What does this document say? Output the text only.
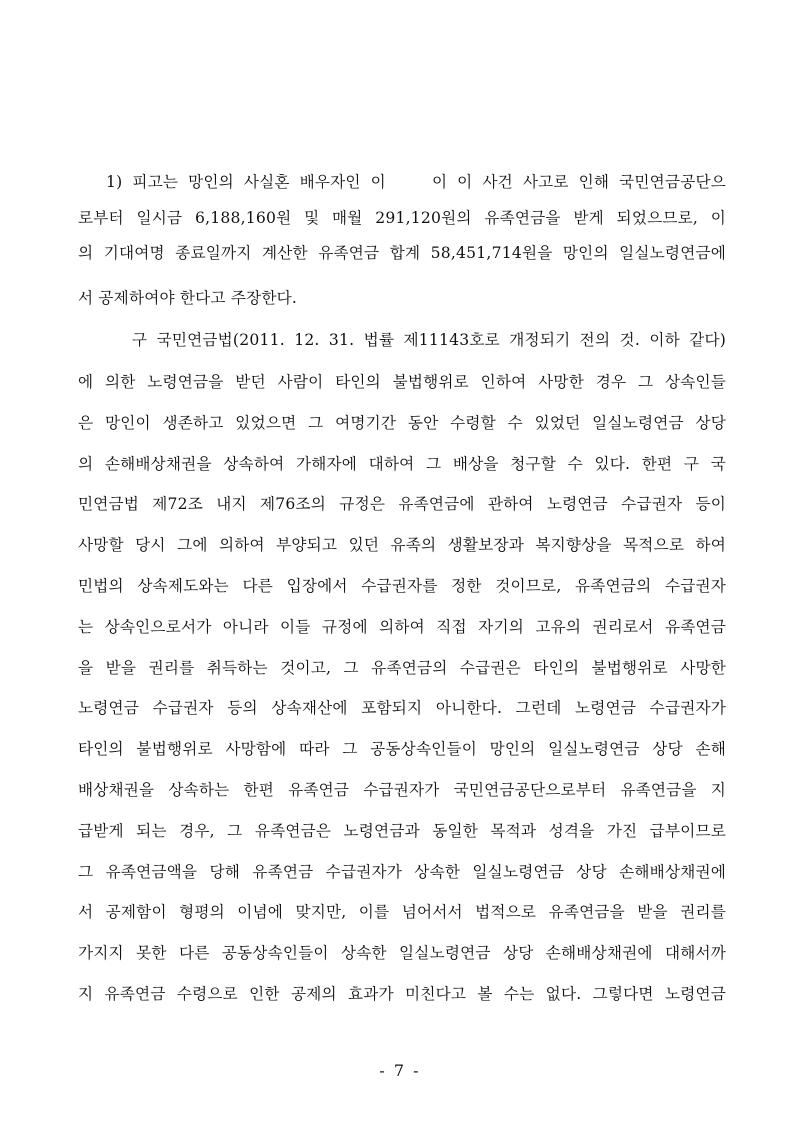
1) 피고는 망인의 사실혼 배우자인 이　　이 이 사건 사고로 인해 국민연금공단으
로부터 일시금 6,188,160원 및 매월 291,120원의 유족연금을 받게 되었으므로, 이
의 기대여명 종료일까지 계산한 유족연금 합계 58,451,714원을 망인의 일실노령연금에
서 공제하여야 한다고 주장한다.
구 국민연금법(2011. 12. 31. 법률 제11143호로 개정되기 전의 것. 이하 같다)
에 의한 노령연금을 받던 사람이 타인의 불법행위로 인하여 사망한 경우 그 상속인들
은 망인이 생존하고 있었으면 그 여명기간 동안 수령할 수 있었던 일실노령연금 상당
의 손해배상채권을 상속하여 가해자에 대하여 그 배상을 청구할 수 있다. 한편 구 국
민연금법 제72조 내지 제76조의 규정은 유족연금에 관하여 노령연금 수급권자 등이
사망할 당시 그에 의하여 부양되고 있던 유족의 생활보장과 복지향상을 목적으로 하여
민법의 상속제도와는 다른 입장에서 수급권자를 정한 것이므로, 유족연금의 수급권자
는 상속인으로서가 아니라 이들 규정에 의하여 직접 자기의 고유의 권리로서 유족연금
을 받을 권리를 취득하는 것이고, 그 유족연금의 수급권은 타인의 불법행위로 사망한
노령연금 수급권자 등의 상속재산에 포함되지 아니한다. 그런데 노령연금 수급권자가
타인의 불법행위로 사망함에 따라 그 공동상속인들이 망인의 일실노령연금 상당 손해
배상채권을 상속하는 한편 유족연금 수급권자가 국민연금공단으로부터 유족연금을 지
급받게 되는 경우, 그 유족연금은 노령연금과 동일한 목적과 성격을 가진 급부이므로
그 유족연금액을 당해 유족연금 수급권자가 상속한 일실노령연금 상당 손해배상채권에
서 공제함이 형평의 이념에 맞지만, 이를 넘어서서 법적으로 유족연금을 받을 권리를
가지지 못한 다른 공동상속인들이 상속한 일실노령연금 상당 손해배상채권에 대해서까
지 유족연금 수령으로 인한 공제의 효과가 미친다고 볼 수는 없다. 그렇다면 노령연금
- 7 -
